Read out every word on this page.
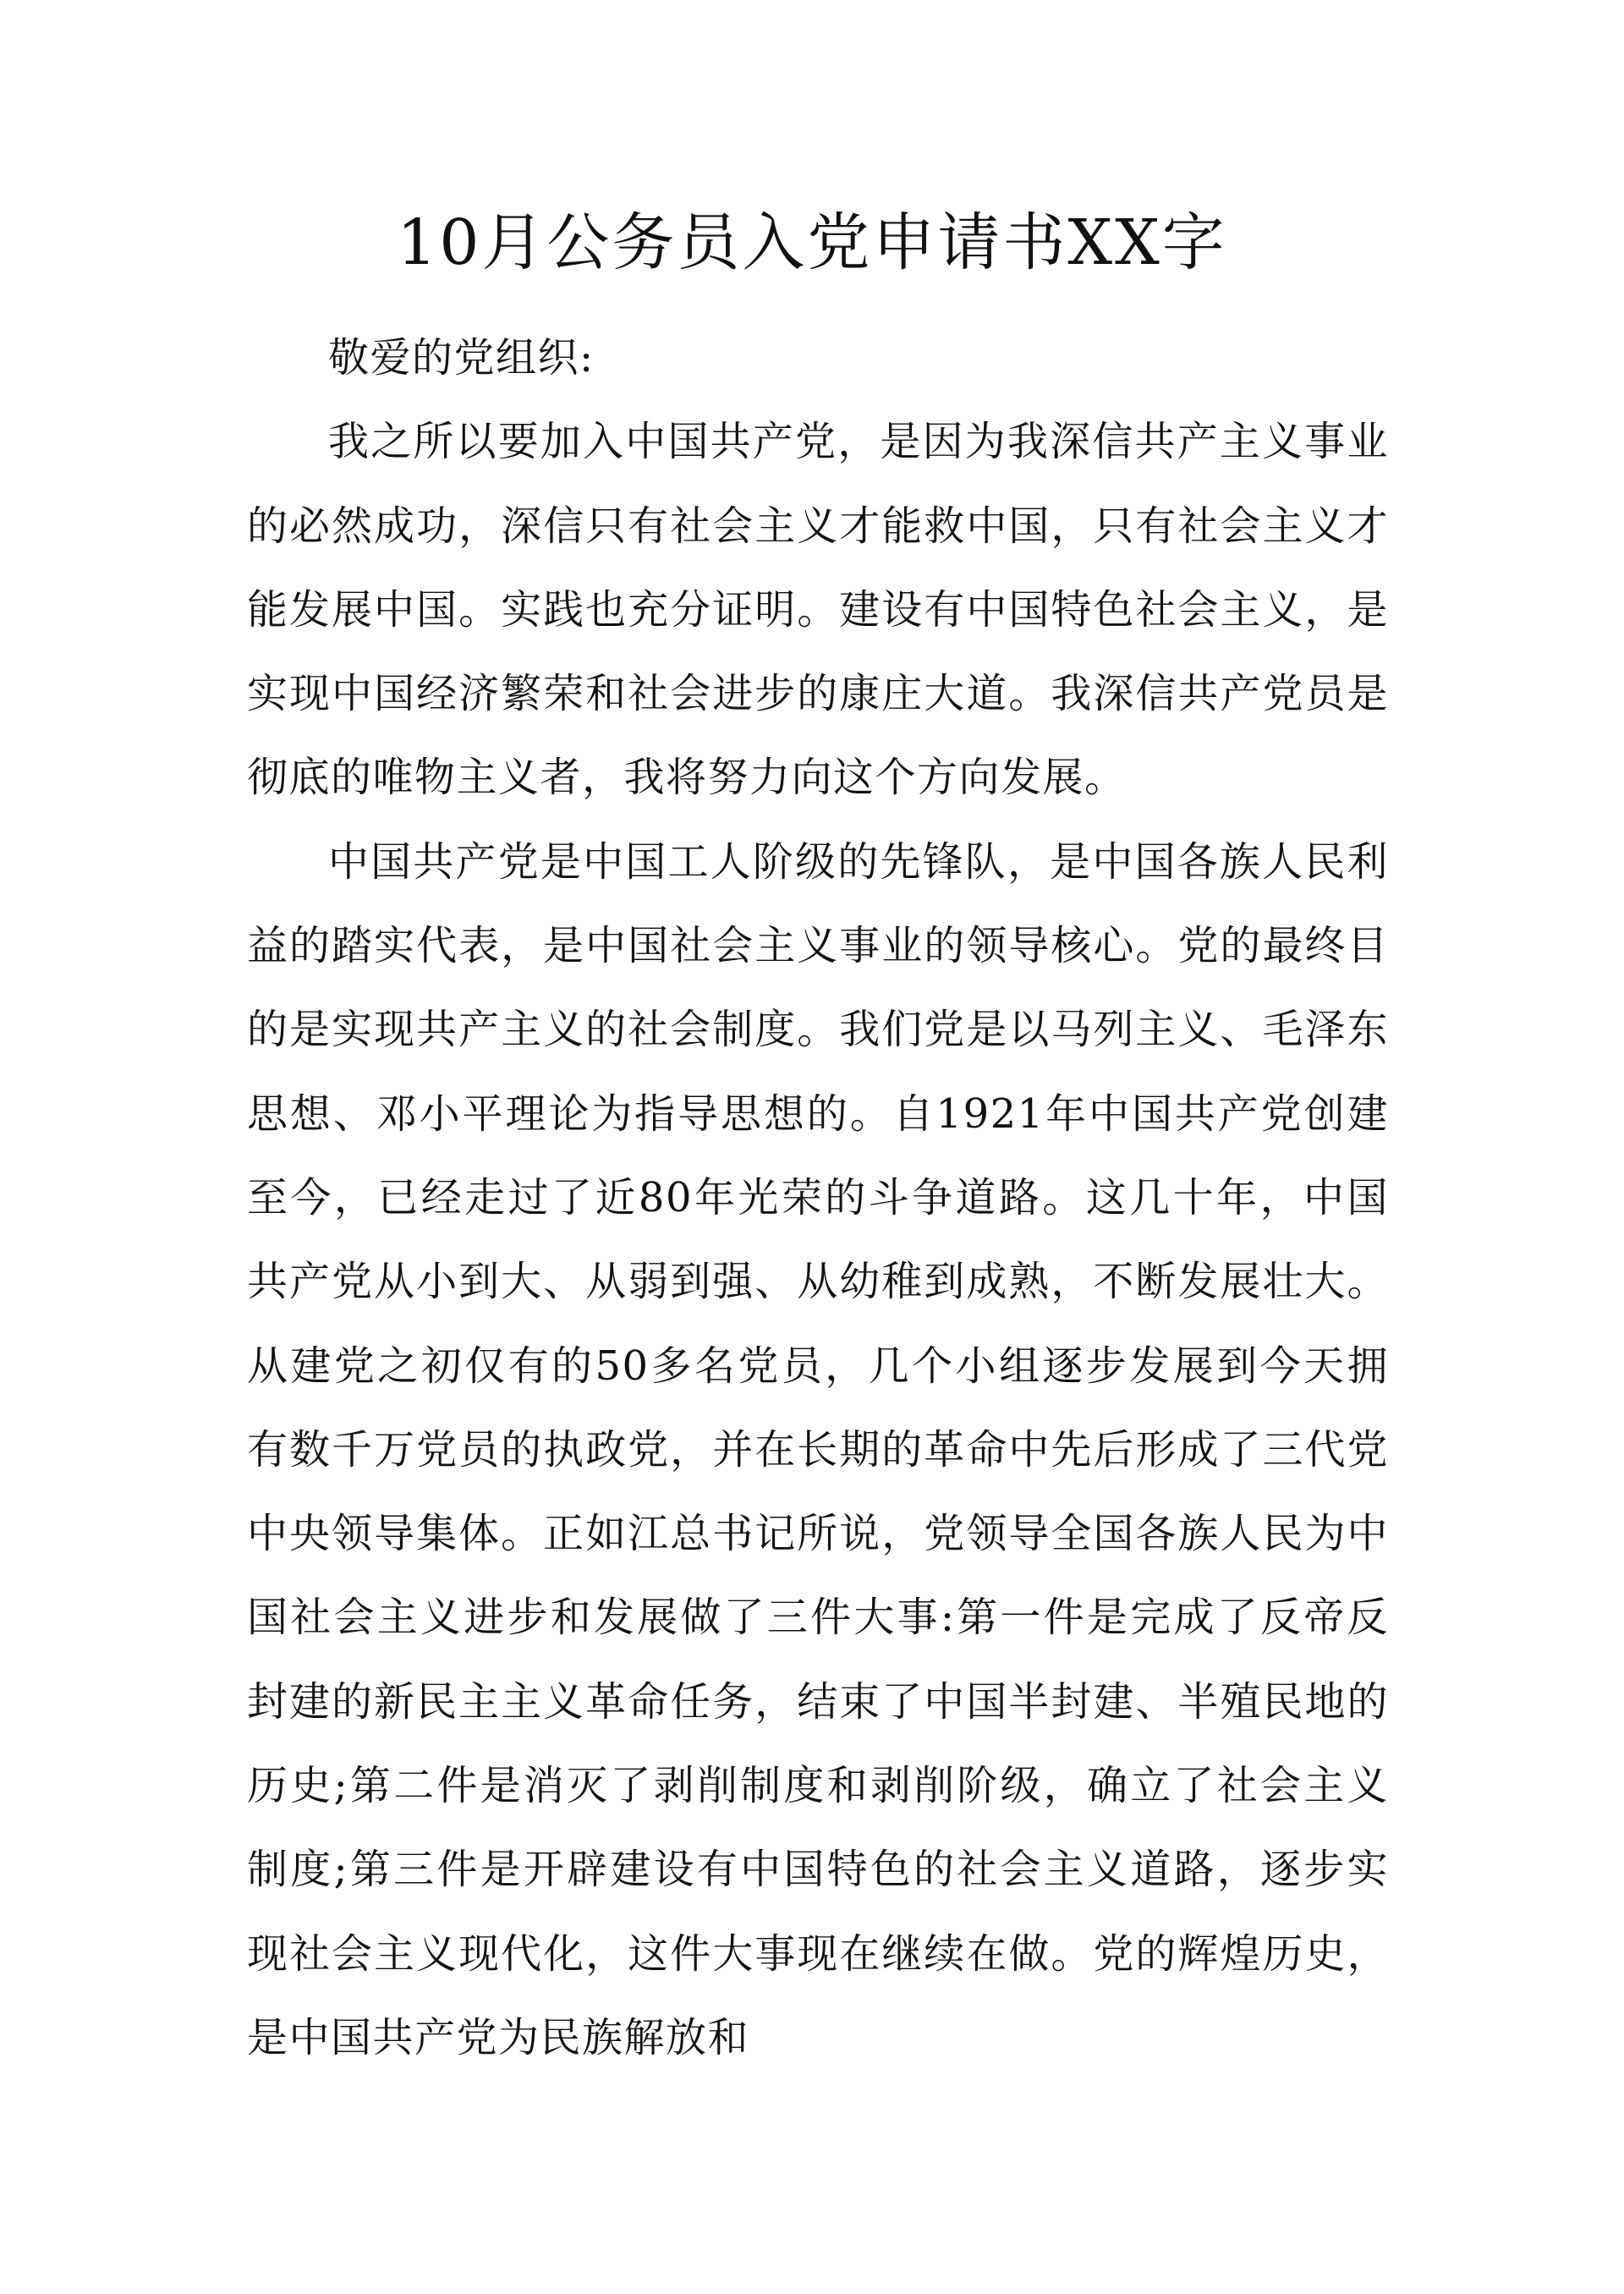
10月公务员入党申请书XX字

敬爱的党组织:

我之所以要加入中国共产党，是因为我深信共产主义事业的必然成功，深信只有社会主义才能救中国，只有社会主义才能发展中国。实践也充分证明。建设有中国特色社会主义，是实现中国经济繁荣和社会进步的康庄大道。我深信共产党员是彻底的唯物主义者，我将努力向这个方向发展。

中国共产党是中国工人阶级的先锋队，是中国各族人民利益的踏实代表，是中国社会主义事业的领导核心。党的最终目的是实现共产主义的社会制度。我们党是以马列主义、毛泽东思想、邓小平理论为指导思想的。自1921年中国共产党创建至今，已经走过了近80年光荣的斗争道路。这几十年，中国共产党从小到大、从弱到强、从幼稚到成熟，不断发展壮大。从建党之初仅有的50多名党员，几个小组逐步发展到今天拥有数千万党员的执政党，并在长期的革命中先后形成了三代党中央领导集体。正如江总书记所说，党领导全国各族人民为中国社会主义进步和发展做了三件大事:第一件是完成了反帝反封建的新民主主义革命任务，结束了中国半封建、半殖民地的历史;第二件是消灭了剥削制度和剥削阶级，确立了社会主义制度;第三件是开辟建设有中国特色的社会主义道路，逐步实现社会主义现代化，这件大事现在继续在做。党的辉煌历史，是中国共产党为民族解放和
